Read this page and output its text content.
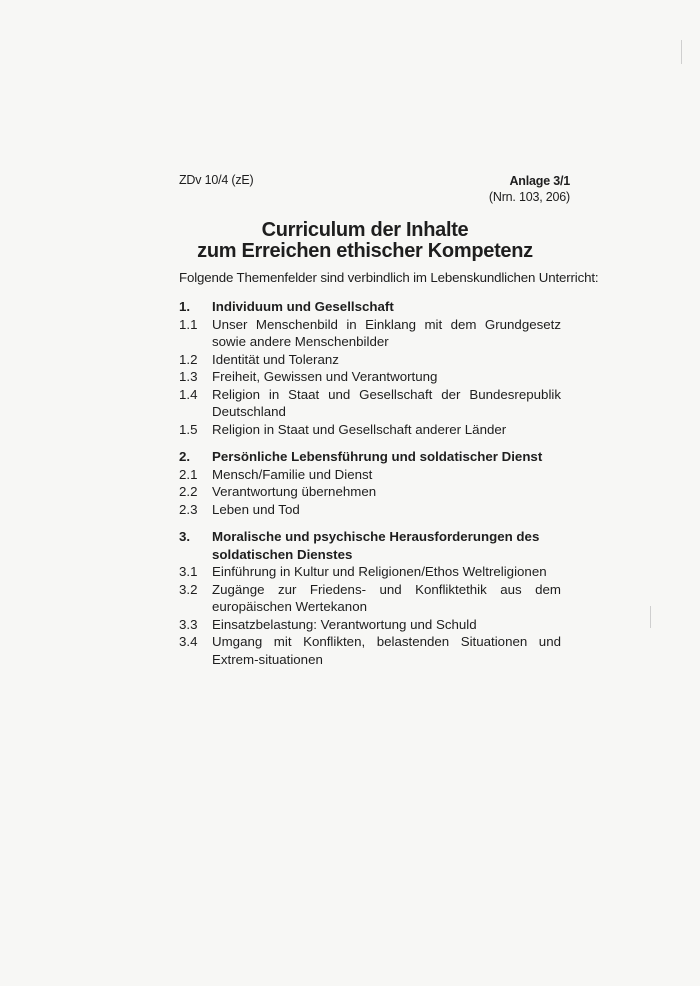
ZDv 10/4 (zE)	Anlage 3/1
(Nrn. 103, 206)
Curriculum der Inhalte
zum Erreichen ethischer Kompetenz
Folgende Themenfelder sind verbindlich im Lebenskundlichen Unterricht:
1.	Individuum und Gesellschaft
1.1	Unser Menschenbild in Einklang mit dem Grundgesetz sowie andere Menschenbilder
1.2	Identität und Toleranz
1.3	Freiheit, Gewissen und Verantwortung
1.4	Religion in Staat und Gesellschaft der Bundesrepublik Deutschland
1.5	Religion in Staat und Gesellschaft anderer Länder
2.	Persönliche Lebensführung und soldatischer Dienst
2.1	Mensch/Familie und Dienst
2.2	Verantwortung übernehmen
2.3	Leben und Tod
3.	Moralische und psychische Herausforderungen des soldatischen Dienstes
3.1	Einführung in Kultur und Religionen/Ethos Weltreligionen
3.2	Zugänge zur Friedens- und Konfliktethik aus dem europäischen Wertekanon
3.3	Einsatzbelastung: Verantwortung und Schuld
3.4	Umgang mit Konflikten, belastenden Situationen und Extrem-situationen
